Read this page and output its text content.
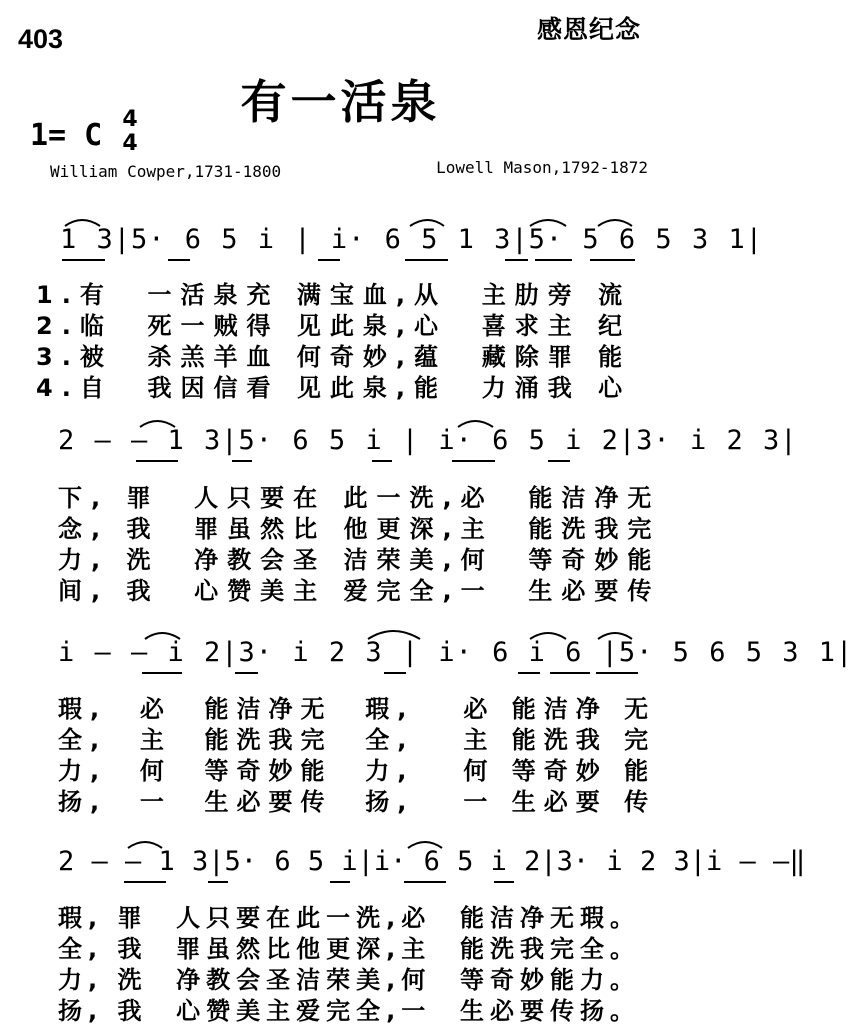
403	感恩纪念
有一活泉
1= C 4
4
William Cowper,1731-1800	Lowell Mason,1792-1872
1 3|5· 6 5 i | i· 6 5 1 3|5· 5 6 5 3 1|
1.有  一活泉充 满宝血,从  主肋旁 流
2.临  死一贼得 见此泉,心  喜求主 纪
3.被  杀羔羊血 何奇妙,蕴  藏除罪 能
4.自  我因信看 见此泉,能  力涌我 心
2 – – 1 3|5· 6 5 i | i· 6 5 i 2|3· i 2 3|
下, 罪  人只要在 此一洗,必  能洁净无
念, 我  罪虽然比 他更深,主  能洗我完
力, 洗  净教会圣 洁荣美,何  等奇妙能
间, 我  心赞美主 爱完全,一  生必要传
i – – i 2|3· i 2 3 | i· 6 i 6 |5· 5 6 5 3 1|
瑕,  必  能洁净无  瑕,   必 能洁净 无
全,  主  能洗我完  全,   主 能洗我 完
力,  何  等奇妙能  力,   何 等奇妙 能
扬,  一  生必要传  扬,   一 生必要 传
2 – – 1 3|5· 6 5 i|i· 6 5 i 2|3· i 2 3|i – –‖
瑕, 罪  人只要在此一洗,必  能洁净无瑕。
全, 我  罪虽然比他更深,主  能洗我完全。
力, 洗  净教会圣洁荣美,何  等奇妙能力。
扬, 我  心赞美主爱完全,一  生必要传扬。
